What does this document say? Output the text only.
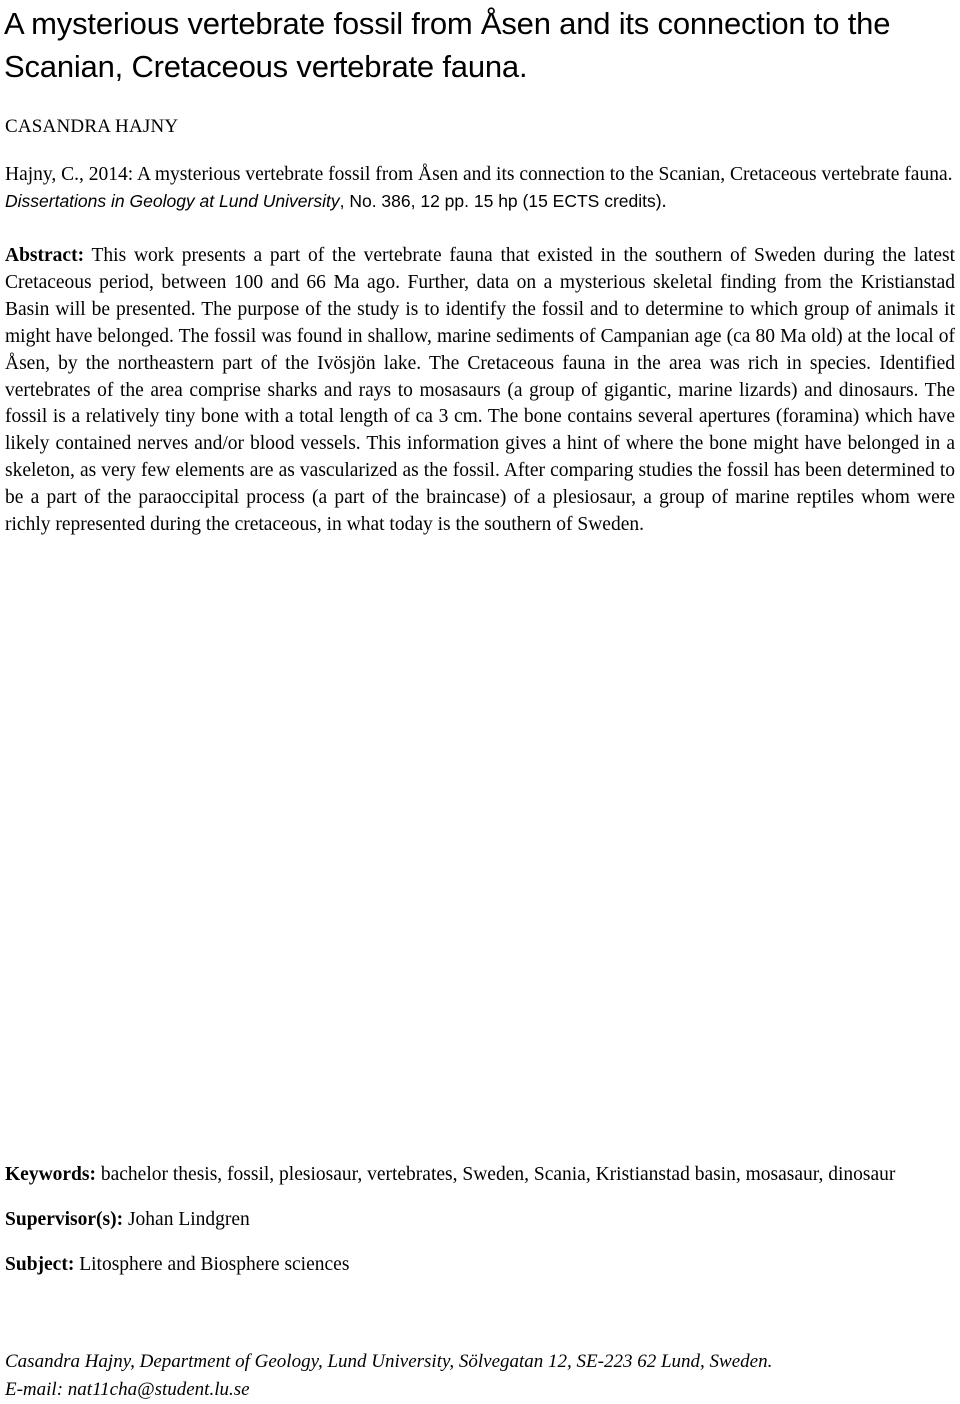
A mysterious vertebrate fossil from Åsen and its connection to the Scanian, Cretaceous vertebrate fauna.
CASANDRA HAJNY
Hajny, C., 2014: A mysterious vertebrate fossil from Åsen and its connection to the Scanian, Cretaceous vertebrate fauna. Dissertations in Geology at Lund University, No. 386, 12 pp. 15 hp (15 ECTS credits).

Abstract: This work presents a part of the vertebrate fauna that existed in the southern of Sweden during the latest Cretaceous period, between 100 and 66 Ma ago. Further, data on a mysterious skeletal finding from the Kristianstad Basin will be presented. The purpose of the study is to identify the fossil and to determine to which group of animals it might have belonged. The fossil was found in shallow, marine sediments of Campanian age (ca 80 Ma old) at the local of Åsen, by the northeastern part of the Ivösjön lake. The Cretaceous fauna in the area was rich in species. Identified vertebrates of the area comprise sharks and rays to mosasaurs (a group of gigantic, marine lizards) and dinosaurs. The fossil is a relatively tiny bone with a total length of ca 3 cm. The bone contains several apertures (foramina) which have likely contained nerves and/or blood vessels. This information gives a hint of where the bone might have belonged in a skeleton, as very few elements are as vascularized as the fossil. After comparing studies the fossil has been determined to be a part of the paraoccipital process (a part of the braincase) of a plesiosaur, a group of marine reptiles whom were richly represented during the cretaceous, in what today is the southern of Sweden.

Keywords: bachelor thesis, fossil, plesiosaur, vertebrates, Sweden, Scania, Kristianstad basin, mosasaur, dinosaur
Supervisor(s): Johan Lindgren
Subject: Litosphere and Biosphere sciences
Casandra Hajny, Department of Geology, Lund University, Sölvegatan 12, SE-223 62 Lund, Sweden.
E-mail: nat11cha@student.lu.se
